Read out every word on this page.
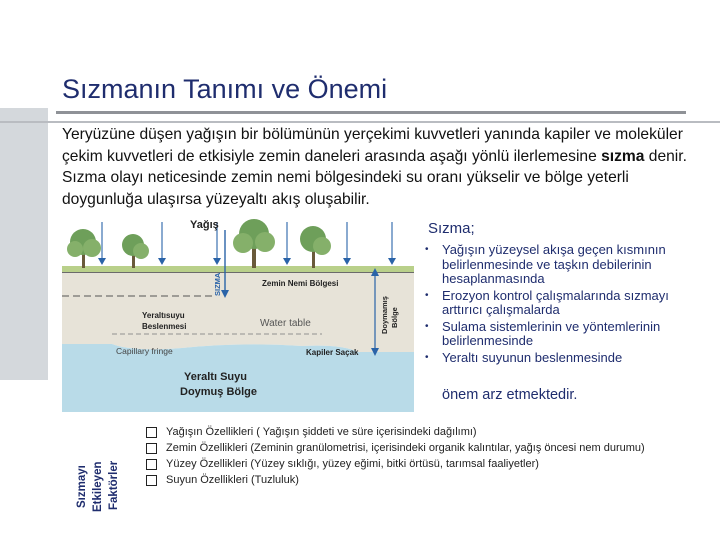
Sızmanın Tanımı ve Önemi
Yeryüzüne düşen yağışın bir bölümünün yerçekimi kuvvetleri yanında kapiler ve moleküler çekim kuvvetleri de etkisiyle zemin daneleri arasında aşağı yönlü ilerlemesine sızma denir. Sızma olayı neticesinde zemin nemi bölgesindeki su oranı yükselir ve bölge yeterli doygunluğa ulaşırsa yüzeyaltı akış oluşabilir.
Yağış
SIZMA	Zemin Nemi Bölgesi
Yeraltısuyu
Beslenmesi	Water table
Capillary fringe	Kapiler Saçak
Doymamış Bölge
Yeraltı Suyu
Doymuş Bölge
Sızma;
• Yağışın yüzeysel akışa geçen kısmının belirlenmesinde ve taşkın debilerinin hesaplanmasında
• Erozyon kontrol çalışmalarında sızmayı arttırıcı çalışmalarda
• Sulama sistemlerinin ve yöntemlerinin belirlenmesinde
• Yeraltı suyunun beslenmesinde
önem arz etmektedir.
Sızmayı Etkileyen Faktörler
Yağışın Özellikleri ( Yağışın şiddeti ve süre içerisindeki dağılımı)
Zemin Özellikleri (Zeminin granülometrisi, içerisindeki organik kalıntılar, yağış öncesi nem durumu)
Yüzey Özellikleri (Yüzey sıklığı, yüzey eğimi, bitki örtüsü, tarımsal faaliyetler)
Suyun Özellikleri (Tuzluluk)
